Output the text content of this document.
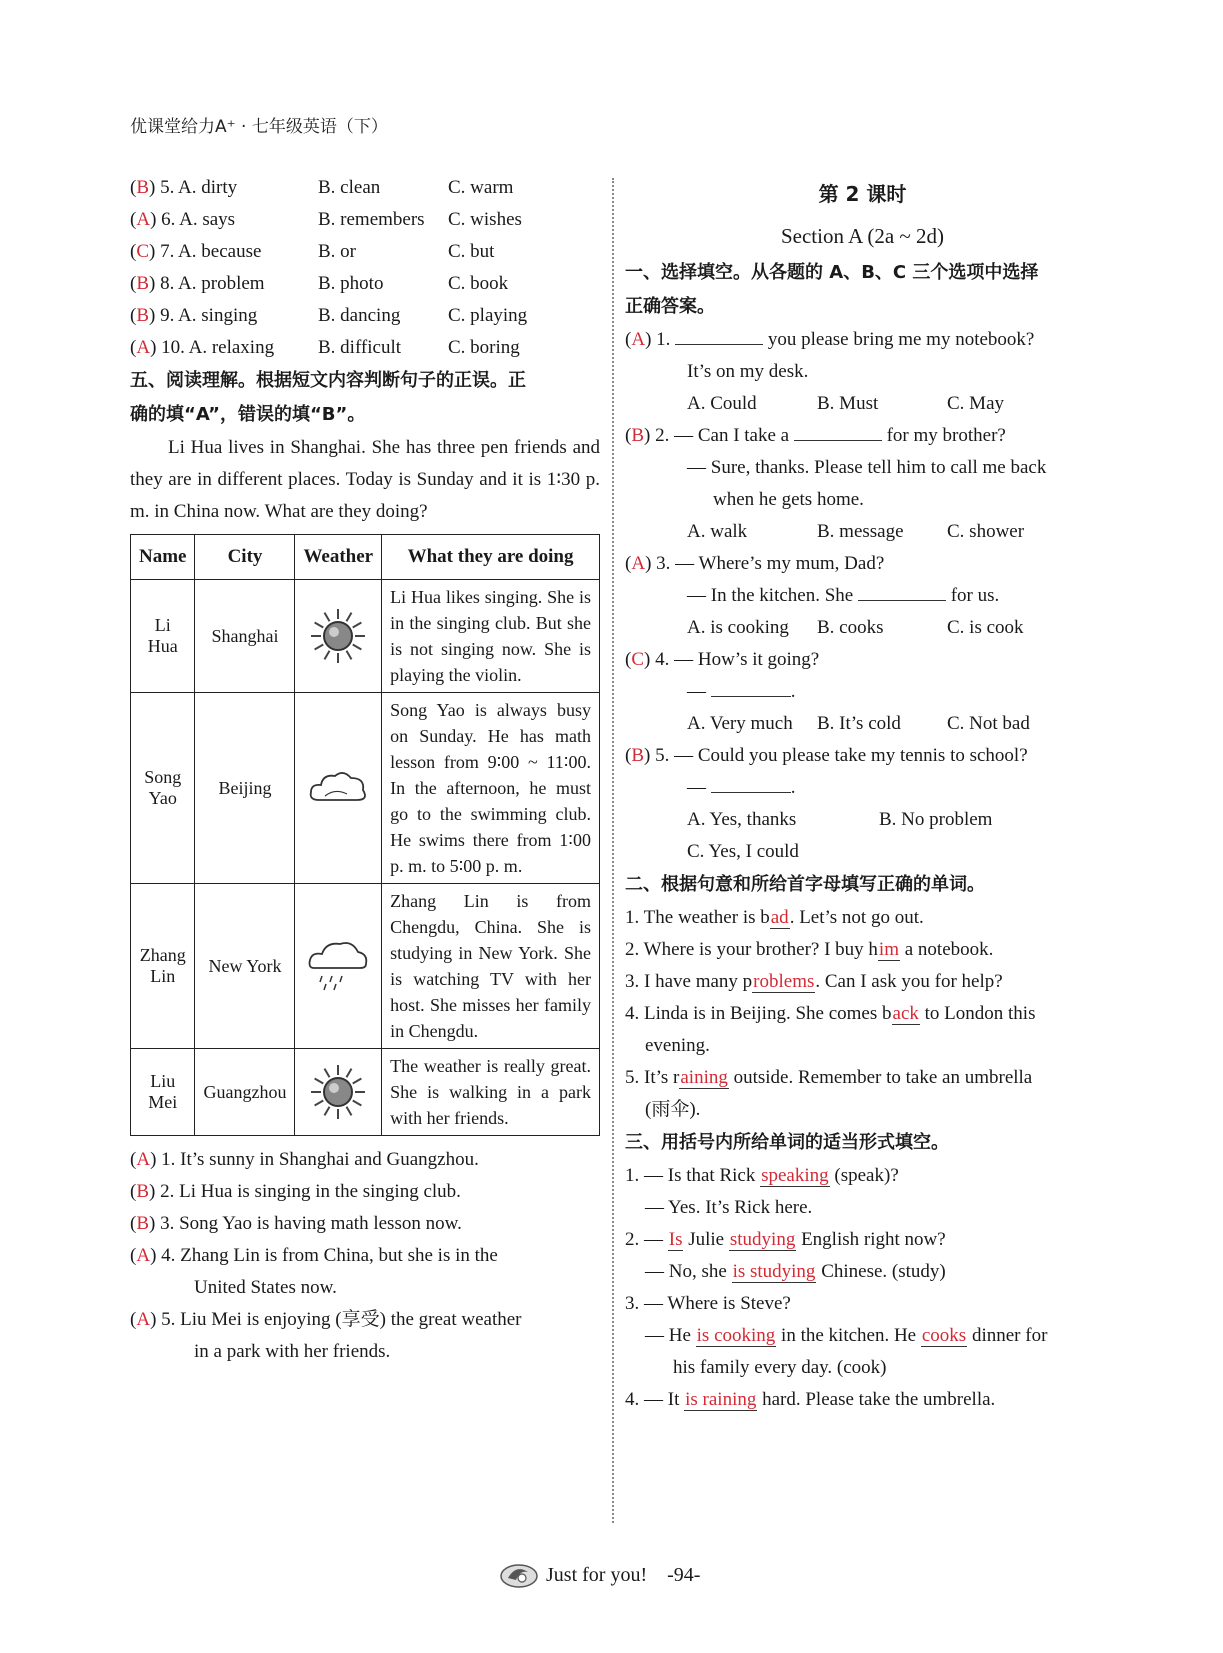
优课堂给力A⁺ · 七年级英语（下）
(B) 5. A. dirty	B. clean	C. warm
(A) 6. A. says	B. remembers C. wishes
(C) 7. A. because	B. or	C. but
(B) 8. A. problem	B. photo	C. book
(B) 9. A. singing	B. dancing	C. playing
(A) 10. A. relaxing B. difficult C. boring
五、阅读理解。根据短文内容判断句子的正误。正
确的填“A”，错误的填“B”。
Li Hua lives in Shanghai. She has three pen friends and they are in different places. Today is Sunday and it is 1∶30 p. m. in China now. What are they doing?
Name	City	Weather	What they are doing
Li Hua	Shanghai		Li Hua likes singing. She is in the singing club. But she is not singing now. She is playing the violin.
Song Yao	Beijing		Song Yao is always busy on Sunday. He has math lesson from 9∶00 ~ 11∶00. In the afternoon, he must go to the swimming club. He swims there from 1∶00 p. m. to 5∶00 p. m.
Zhang Lin	New York		Zhang Lin is from Chengdu, China. She is studying in New York. She is watching TV with her host. She misses her family in Chengdu.
Liu Mei	Guangzhou		The weather is really great. She is walking in a park with her friends.
(A) 1. It’s sunny in Shanghai and Guangzhou.
(B) 2. Li Hua is singing in the singing club.
(B) 3. Song Yao is having math lesson now.
(A) 4. Zhang Lin is from China, but she is in the
United States now.
(A) 5. Liu Mei is enjoying (享受) the great weather
in a park with her friends.
第 2 课时
Section A (2a ~ 2d)
一、选择填空。从各题的 A、B、C 三个选项中选择
正确答案。
(A) 1.	you please bring me my notebook?
It’s on my desk.
A. Could	B. Must	C. May
(B) 2. — Can I take a	for my brother?
— Sure, thanks. Please tell him to call me back
when he gets home.
A. walk	B. message C. shower
(A) 3. — Where’s my mum, Dad?
— In the kitchen. She	for us.
A. is cooking B. cooks	C. is cook
(C) 4. — How’s it going?
—	.
A. Very much B. It’s cold C. Not bad
(B) 5. — Could you please take my tennis to school?
—	.
A. Yes, thanks	B. No problem
C. Yes, I could
二、根据句意和所给首字母填写正确的单词。
1. The weather is bad. Let’s not go out.
2. Where is your brother? I buy him a notebook.
3. I have many problems. Can I ask you for help?
4. Linda is in Beijing. She comes back to London this
evening.
5. It’s raining outside. Remember to take an umbrella
(雨伞).
三、用括号内所给单词的适当形式填空。
1. — Is that Rick speaking (speak)?
— Yes. It’s Rick here.
2. — Is Julie studying English right now?
— No, she is studying Chinese. (study)
3. — Where is Steve?
— He is cooking in the kitchen. He cooks dinner for
his family every day. (cook)
4. — It is raining hard. Please take the umbrella.
Just for you! -94-
